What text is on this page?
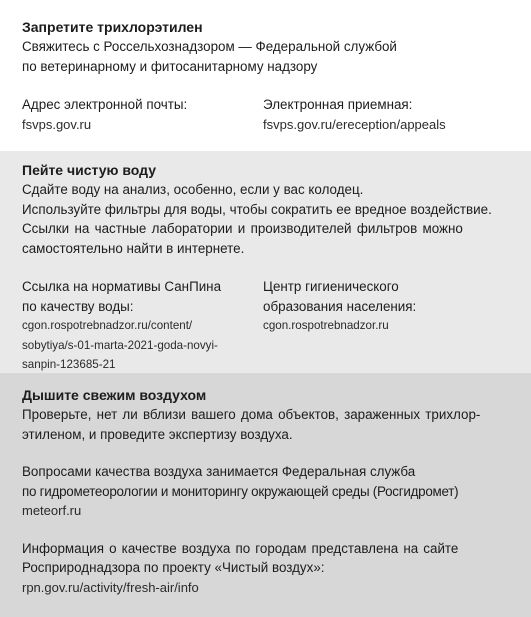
Запретите трихлорэтилен

Свяжитесь с Россельхознадзором — Федеральной службой

по ветеринарному и фитосанитарному надзору

Адрес электронной почты:

fsvps.gov.ru

Электронная приемная:

fsvps.gov.ru/ereception/appeals

Пейте чистую воду

Сдайте воду на анализ, особенно, если у вас колодец.

Используйте фильтры для воды, чтобы сократить ее вредное воздействие.

Ссылки на частные лаборатории и производителей фильтров можно

самостоятельно найти в интернете.

Ссылка на нормативы СанПина

по качеству воды:

cgon.rospotrebnadzor.ru/content/

sobytiya/s-01-marta-2021-goda-novyi-

sanpin-123685-21

Центр гигиенического

образования населения:

cgon.rospotrebnadzor.ru

Дышите свежим воздухом

Проверьте, нет ли вблизи вашего дома объектов, зараженных трихлор-

этиленом, и проведите экспертизу воздуха.

Вопросами качества воздуха занимается Федеральная служба

по гидрометеорологии и мониторингу окружающей среды (Росгидромет)

meteorf.ru

Информация о качестве воздуха по городам представлена на сайте

Росприроднадзора по проекту «Чистый воздух»:

rpn.gov.ru/activity/fresh-air/info
